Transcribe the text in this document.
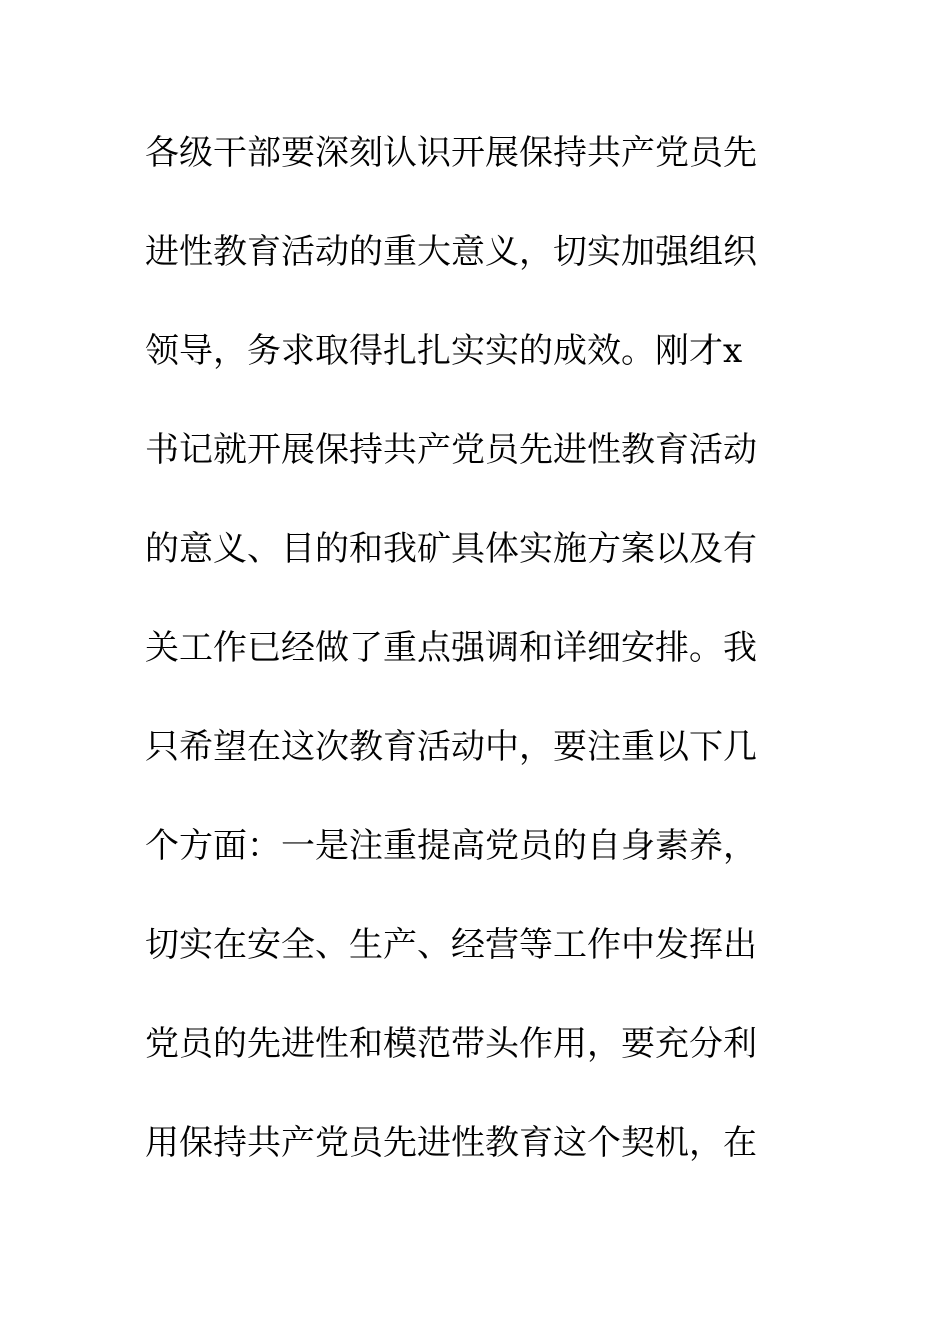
各级干部要深刻认识开展保持共产党员先
进性教育活动的重大意义，切实加强组织
领导，务求取得扎扎实实的成效。刚才x
书记就开展保持共产党员先进性教育活动
的意义、目的和我矿具体实施方案以及有
关工作已经做了重点强调和详细安排。我
只希望在这次教育活动中，要注重以下几
个方面：一是注重提高党员的自身素养，
切实在安全、生产、经营等工作中发挥出
党员的先进性和模范带头作用，要充分利
用保持共产党员先进性教育这个契机，在
